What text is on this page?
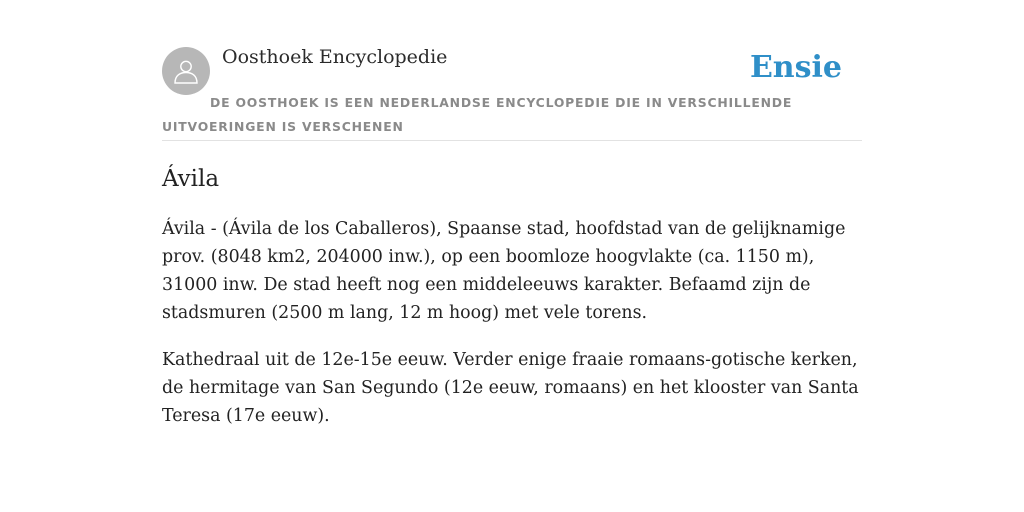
Oosthoek Encyclopedie	Ensie
DE OOSTHOEK IS EEN NEDERLANDSE ENCYCLOPEDIE DIE IN VERSCHILLENDE UITVOERINGEN IS VERSCHENEN
Ávila

Ávila - (Ávila de los Caballeros), Spaanse stad, hoofdstad van de gelijknamige prov. (8048 km2, 204000 inw.), op een boomloze hoogvlakte (ca. 1150 m), 31000 inw. De stad heeft nog een middeleeuws karakter. Befaamd zijn de stadsmuren (2500 m lang, 12 m hoog) met vele torens.

Kathedraal uit de 12e-15e eeuw. Verder enige fraaie romaans-gotische kerken, de hermitage van San Segundo (12e eeuw, romaans) en het klooster van Santa Teresa (17e eeuw).
